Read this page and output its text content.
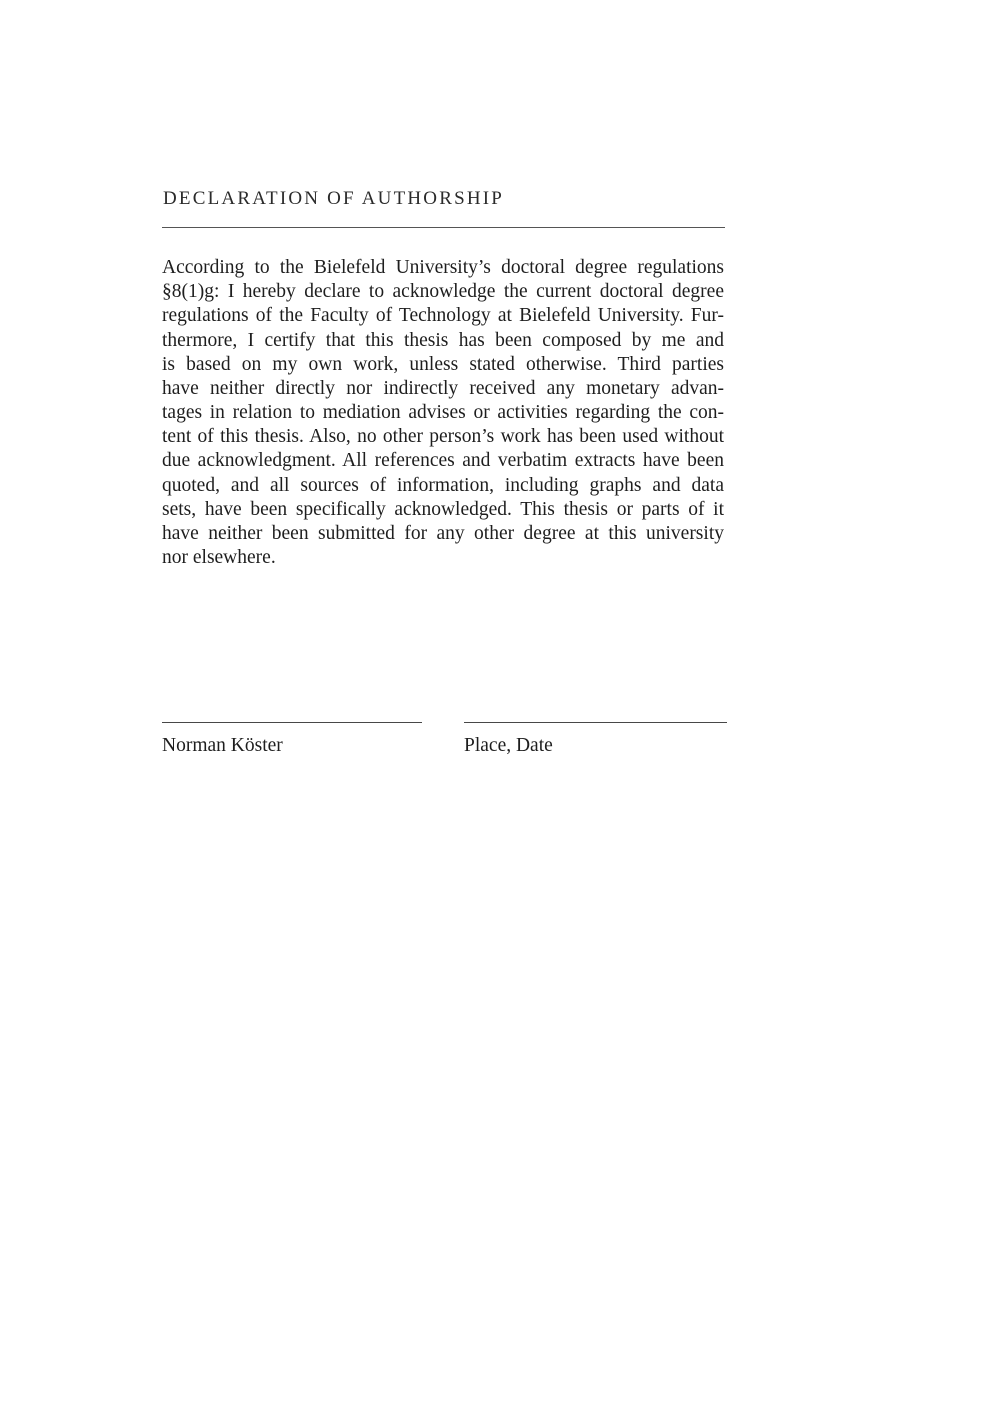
DECLARATION OF AUTHORSHIP
According to the Bielefeld University’s doctoral degree regulations
§8(1)g: I hereby declare to acknowledge the current doctoral degree
regulations of the Faculty of Technology at Bielefeld University. Fur-
thermore, I certify that this thesis has been composed by me and
is based on my own work, unless stated otherwise. Third parties
have neither directly nor indirectly received any monetary advan-
tages in relation to mediation advises or activities regarding the con-
tent of this thesis. Also, no other person’s work has been used without
due acknowledgment. All references and verbatim extracts have been
quoted, and all sources of information, including graphs and data
sets, have been specifically acknowledged. This thesis or parts of it
have neither been submitted for any other degree at this university
nor elsewhere.
Norman Köster	Place, Date
